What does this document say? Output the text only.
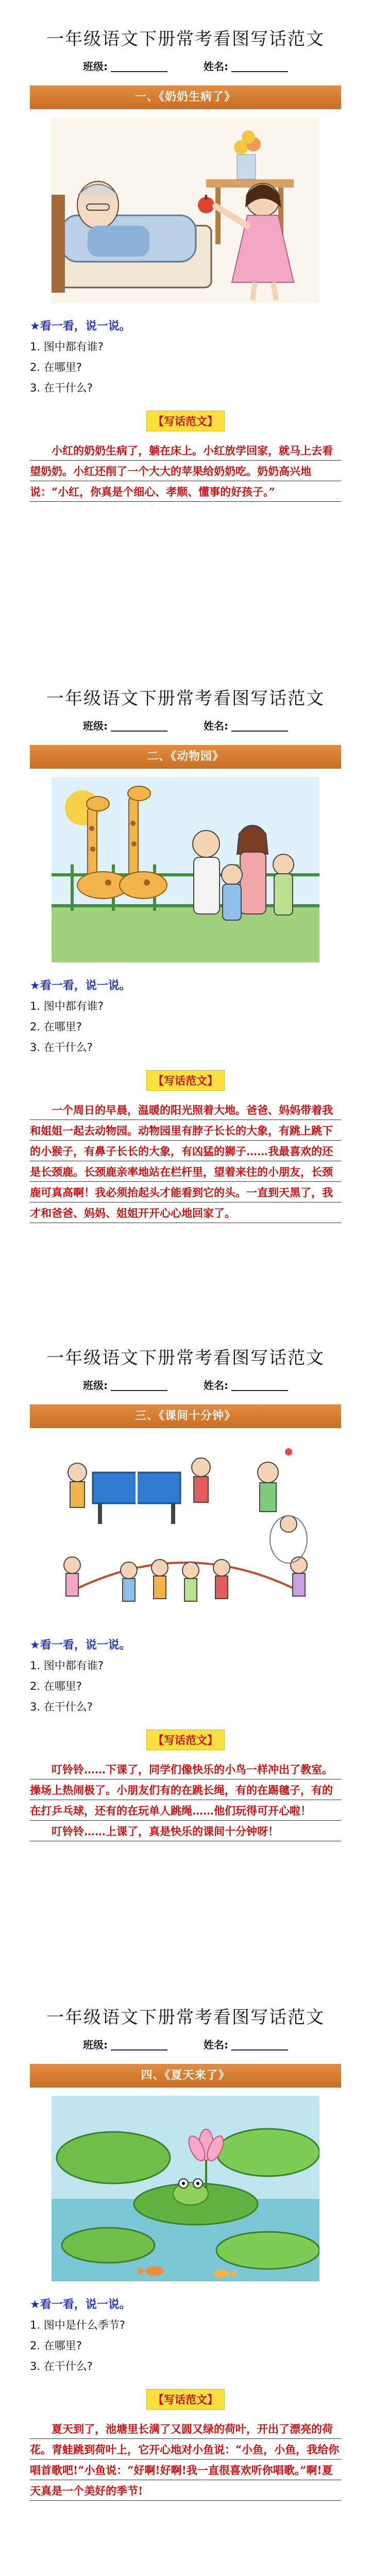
一年级语文下册常考看图写话范文
班级:	姓名:
一、《奶奶生病了》
★看一看，说一说。
1. 图中都有谁?
2. 在哪里?
3. 在干什么?
【写话范文】

小红的奶奶生病了，躺在床上。小红放学回家，就马上去看望奶奶。小红还削了一个大大的苹果给奶奶吃。奶奶高兴地说：“小红，你真是个细心、孝顺、懂事的好孩子。”

一年级语文下册常考看图写话范文
班级:	姓名:
二、《动物园》
★看一看，说一说。
1. 图中都有谁?
2. 在哪里?
3. 在干什么?
【写话范文】

一个周日的早晨，温暖的阳光照着大地。爸爸、妈妈带着我和姐姐一起去动物园。动物园里有脖子长长的大象，有跳上跳下的小猴子，有鼻子长长的大象，有凶猛的狮子……我最喜欢的还是长颈鹿。长颈鹿亲率地站在栏杆里，望着来往的小朋友，长颈鹿可真高啊！我必须抬起头才能看到它的头。一直到天黑了，我才和爸爸、妈妈、姐姐开开心心地回家了。

一年级语文下册常考看图写话范文
班级:	姓名:
三、《课间十分钟》
★看一看，说一说。
1. 图中都有谁?
2. 在哪里?
3. 在干什么?
【写话范文】

叮铃铃……下课了，同学们像快乐的小鸟一样冲出了教室。操场上热闹极了。小朋友们有的在跳长绳，有的在踢毽子，有的在打乒乓球，还有的在玩单人跳绳……他们玩得可开心啦！

叮铃铃……上课了，真是快乐的课间十分钟呀！

一年级语文下册常考看图写话范文
班级:	姓名:
四、《夏天来了》
★看一看，说一说。
1. 图中是什么季节?
2. 在哪里?
3. 在干什么?
【写话范文】

夏天到了，池塘里长满了又圆又绿的荷叶，开出了漂亮的荷花。青蛙跳到荷叶上，它开心地对小鱼说：“小鱼，小鱼，我给你唱首歌吧!”小鱼说：“好啊!好啊!我一直很喜欢听你唱歌。”啊!夏天真是一个美好的季节!
